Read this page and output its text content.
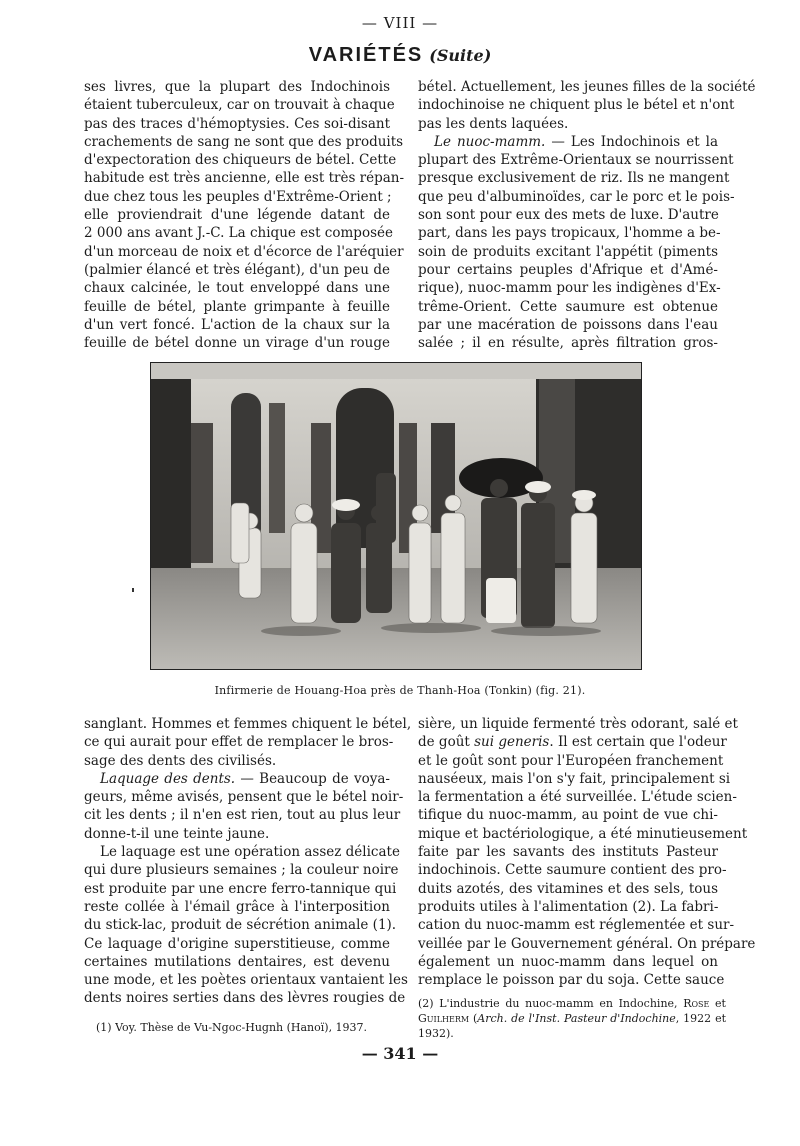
— VIII —
VARIÉTÉS (Suite)
ses livres, que la plupart des Indochinois
étaient tuberculeux, car on trouvait à chaque
pas des traces d'hémoptysies. Ces soi-disant
crachements de sang ne sont que des produits
d'expectoration des chiqueurs de bétel. Cette
habitude est très ancienne, elle est très répan-
due chez tous les peuples d'Extrême-Orient ;
elle proviendrait d'une légende datant de
2 000 ans avant J.-C. La chique est composée
d'un morceau de noix et d'écorce de l'aréquier
(palmier élancé et très élégant), d'un peu de
chaux calcinée, le tout enveloppé dans une
feuille de bétel, plante grimpante à feuille
d'un vert foncé. L'action de la chaux sur la
feuille de bétel donne un virage d'un rouge
bétel. Actuellement, les jeunes filles de la société
indochinoise ne chiquent plus le bétel et n'ont
pas les dents laquées.
Le nuoc-mamm. — Les Indochinois et la
plupart des Extrême-Orientaux se nourrissent
presque exclusivement de riz. Ils ne mangent
que peu d'albuminoïdes, car le porc et le pois-
son sont pour eux des mets de luxe. D'autre
part, dans les pays tropicaux, l'homme a be-
soin de produits excitant l'appétit (piments
pour certains peuples d'Afrique et d'Amé-
rique), nuoc-mamm pour les indigènes d'Ex-
trême-Orient. Cette saumure est obtenue
par une macération de poissons dans l'eau
salée ; il en résulte, après filtration gros-
Infirmerie de Houang-Hoa près de Thanh-Hoa (Tonkin) (fig. 21).
sanglant. Hommes et femmes chiquent le bétel,
ce qui aurait pour effet de remplacer le bros-
sage des dents des civilisés.
Laquage des dents. — Beaucoup de voya-
geurs, même avisés, pensent que le bétel noir-
cit les dents ; il n'en est rien, tout au plus leur
donne-t-il une teinte jaune.
Le laquage est une opération assez délicate
qui dure plusieurs semaines ; la couleur noire
est produite par une encre ferro-tannique qui
reste collée à l'émail grâce à l'interposition
du stick-lac, produit de sécrétion animale (1).
Ce laquage d'origine superstitieuse, comme
certaines mutilations dentaires, est devenu
une mode, et les poètes orientaux vantaient les
dents noires serties dans des lèvres rougies de
sière, un liquide fermenté très odorant, salé et
de goût sui generis. Il est certain que l'odeur
et le goût sont pour l'Européen franchement
nauséeux, mais l'on s'y fait, principalement si
la fermentation a été surveillée. L'étude scien-
tifique du nuoc-mamm, au point de vue chi-
mique et bactériologique, a été minutieusement
faite par les savants des instituts Pasteur
indochinois. Cette saumure contient des pro-
duits azotés, des vitamines et des sels, tous
produits utiles à l'alimentation (2). La fabri-
cation du nuoc-mamm est réglementée et sur-
veillée par le Gouvernement général. On prépare
également un nuoc-mamm dans lequel on
remplace le poisson par du soja. Cette sauce
(1) Voy. Thèse de Vu-Ngoc-Hugnh (Hanoï), 1937.
(2) L'industrie du nuoc-mamm en Indochine, Rose et Guilherm (Arch. de l'Inst. Pasteur d'Indochine, 1922 et 1932).
— 341 —
